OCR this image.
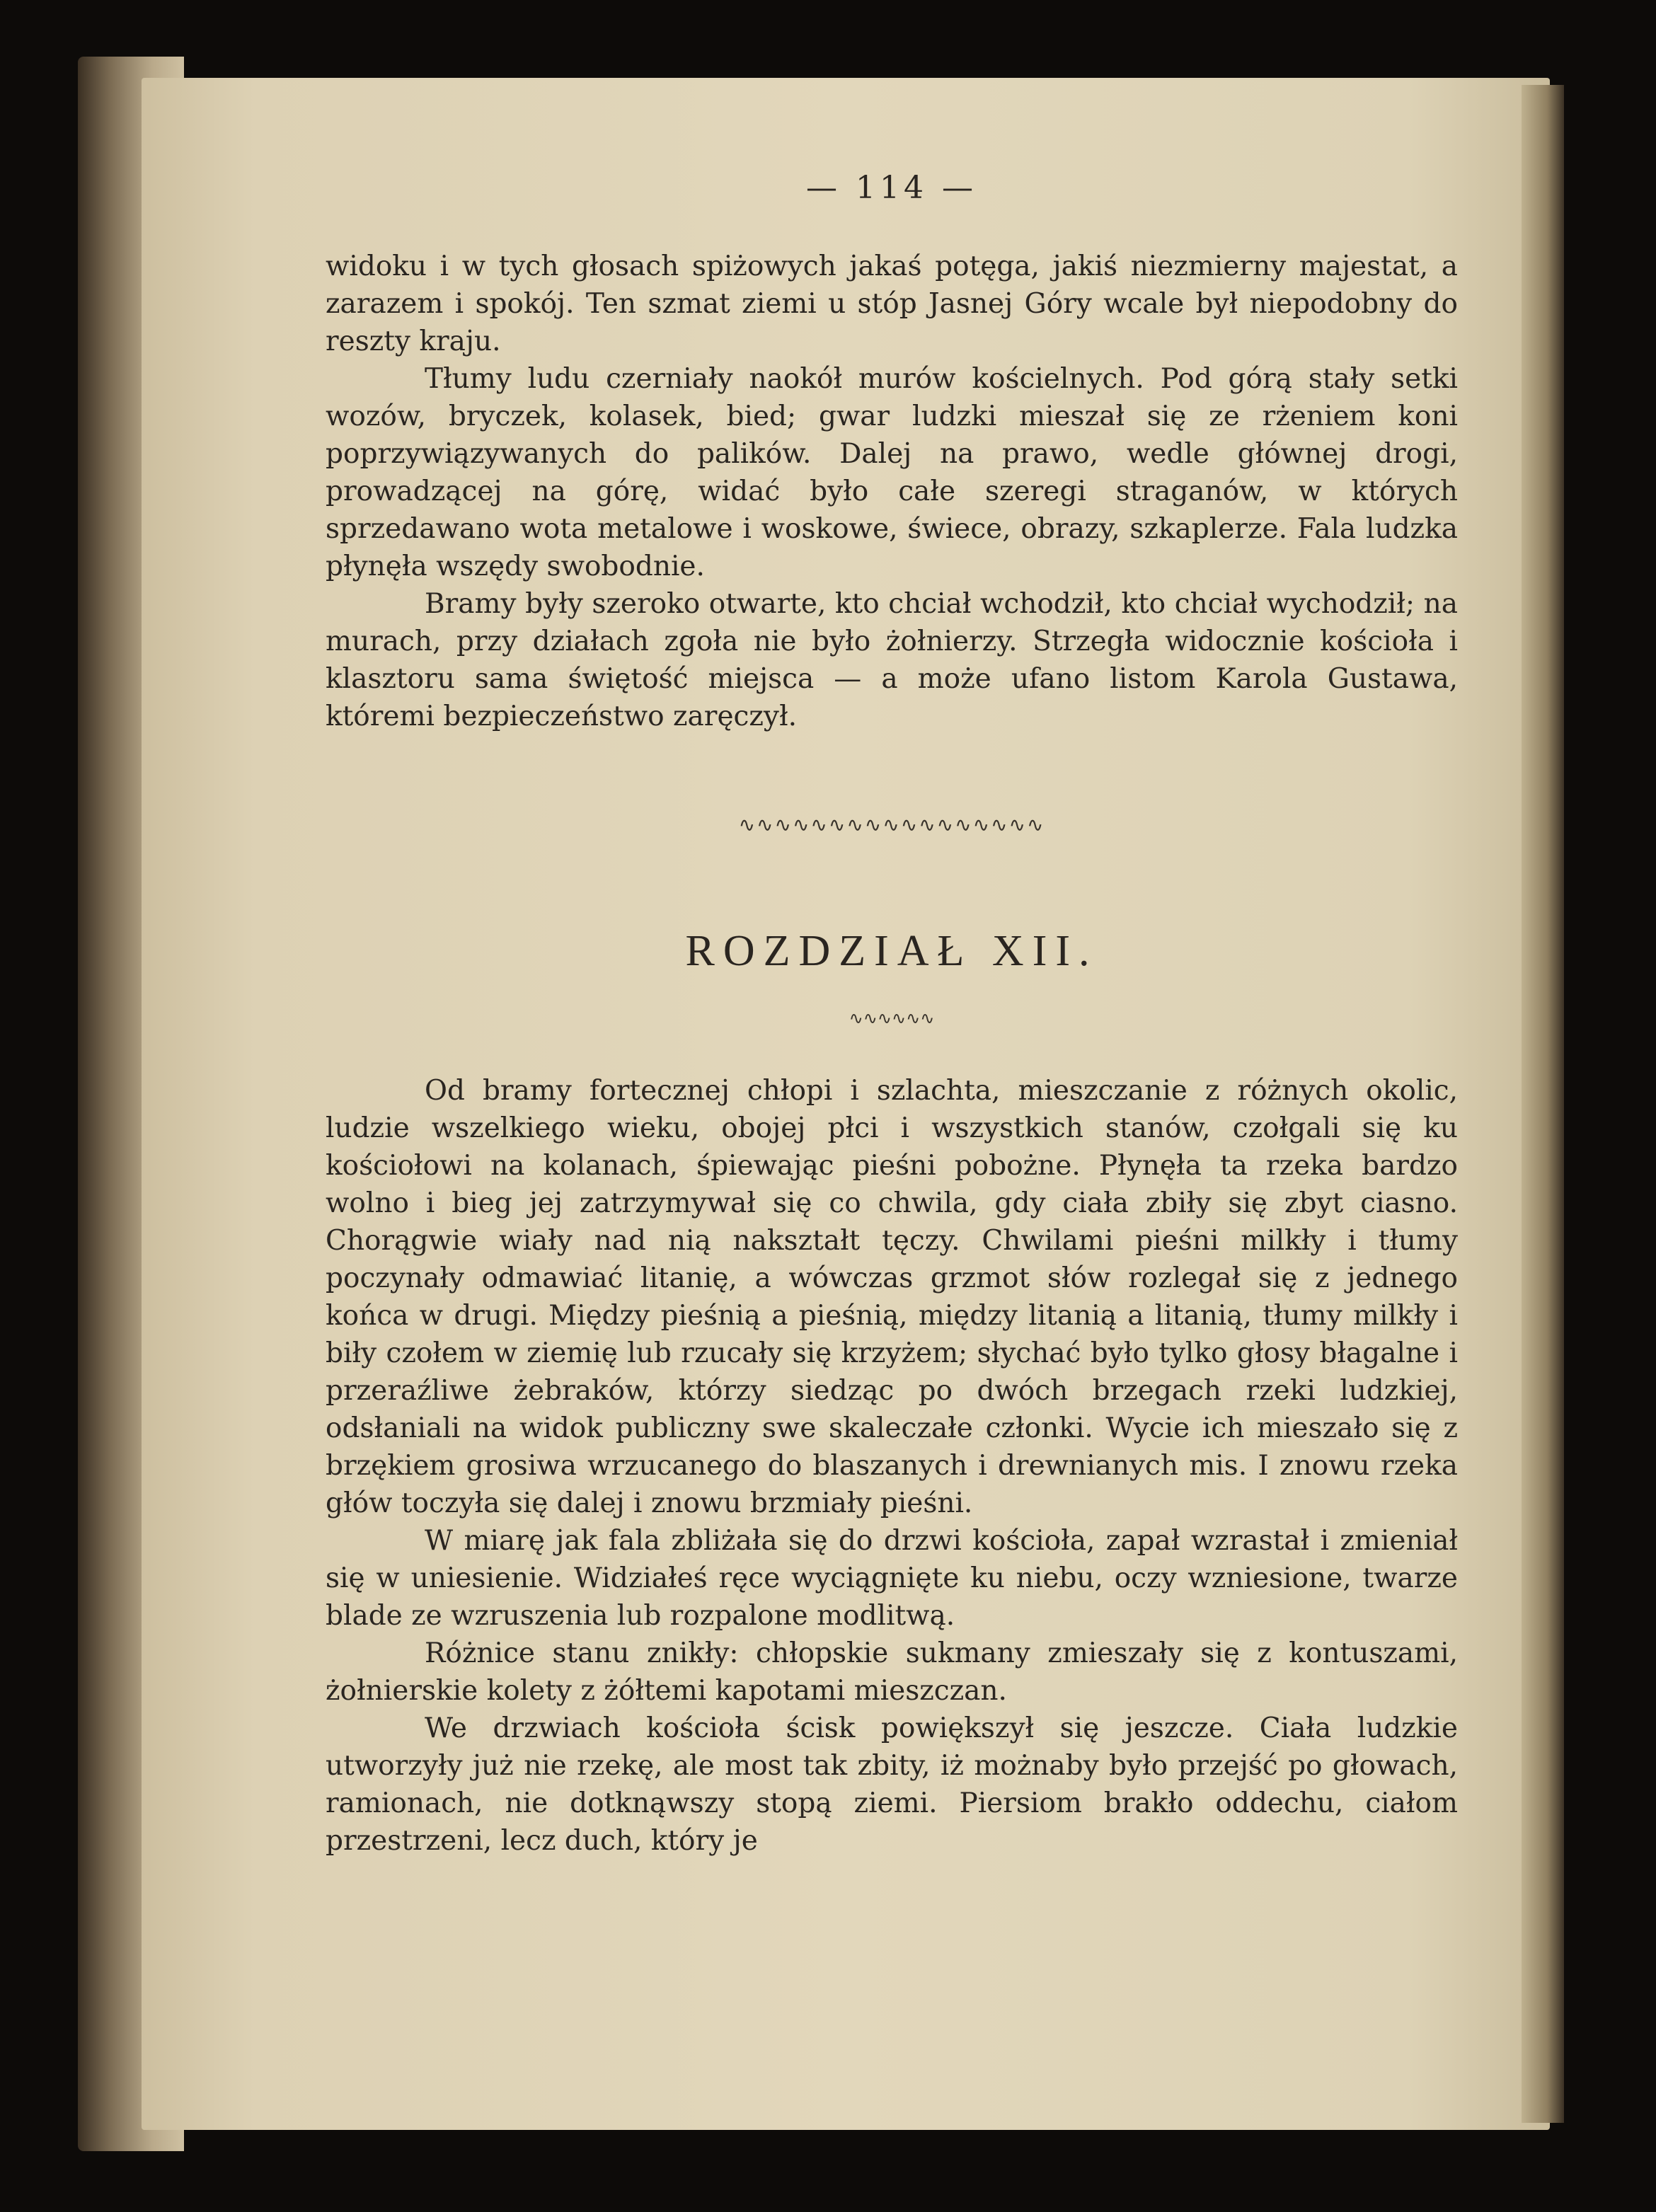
— 114 —

widoku i w tych głosach spiżowych jakaś potęga, jakiś niezmierny majestat, a zarazem i spokój. Ten szmat ziemi u stóp Jasnej Góry wcale był niepodobny do reszty kraju.

Tłumy ludu czerniały naokół murów kościelnych. Pod górą stały setki wozów, bryczek, kolasek, bied; gwar ludzki mieszał się ze rżeniem koni poprzywiązywanych do palików. Dalej na prawo, wedle głównej drogi, prowadzącej na górę, widać było całe szeregi straganów, w których sprzedawano wota metalowe i woskowe, świece, obrazy, szkaplerze. Fala ludzka płynęła wszędy swobodnie.

Bramy były szeroko otwarte, kto chciał wchodził, kto chciał wychodził; na murach, przy działach zgoła nie było żołnierzy. Strzegła widocznie kościoła i klasztoru sama świętość miejsca — a może ufano listom Karola Gustawa, któremi bezpieczeństwo zaręczył.

∿∿∿∿∿∿∿∿∿∿∿∿∿∿∿∿∿
ROZDZIAŁ XII.
∿∿∿∿∿∿

Od bramy fortecznej chłopi i szlachta, mieszczanie z różnych okolic, ludzie wszelkiego wieku, obojej płci i wszystkich stanów, czołgali się ku kościołowi na kolanach, śpiewając pieśni pobożne. Płynęła ta rzeka bardzo wolno i bieg jej zatrzymywał się co chwila, gdy ciała zbiły się zbyt ciasno. Chorągwie wiały nad nią nakształt tęczy. Chwilami pieśni milkły i tłumy poczynały odmawiać litanię, a wówczas grzmot słów rozlegał się z jednego końca w drugi. Między pieśnią a pieśnią, między litanią a litanią, tłumy milkły i biły czołem w ziemię lub rzucały się krzyżem; słychać było tylko głosy błagalne i przeraźliwe żebraków, którzy siedząc po dwóch brzegach rzeki ludzkiej, odsłaniali na widok publiczny swe skaleczałe członki. Wycie ich mieszało się z brzękiem grosiwa wrzucanego do blaszanych i drewnianych mis. I znowu rzeka głów toczyła się dalej i znowu brzmiały pieśni.

W miarę jak fala zbliżała się do drzwi kościoła, zapał wzrastał i zmieniał się w uniesienie. Widziałeś ręce wyciągnięte ku niebu, oczy wzniesione, twarze blade ze wzruszenia lub rozpalone modlitwą.

Różnice stanu znikły: chłopskie sukmany zmieszały się z kontuszami, żołnierskie kolety z żółtemi kapotami mieszczan.

We drzwiach kościoła ścisk powiększył się jeszcze. Ciała ludzkie utworzyły już nie rzekę, ale most tak zbity, iż możnaby było przejść po głowach, ramionach, nie dotknąwszy stopą ziemi. Piersiom brakło oddechu, ciałom przestrzeni, lecz duch, który je
